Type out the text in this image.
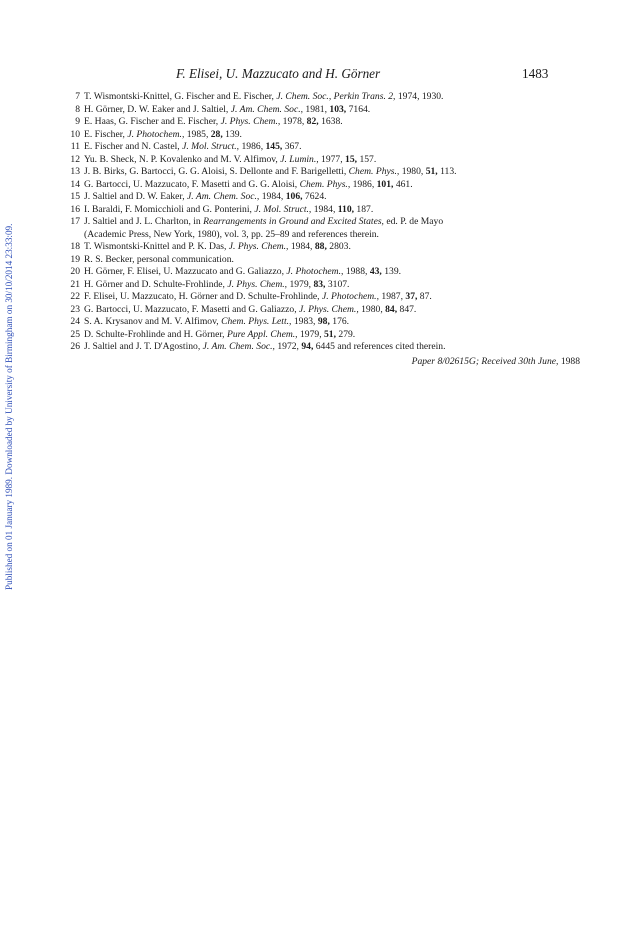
Published on 01 January 1989. Downloaded by University of Birmingham on 30/10/2014 23:33:09.
F. Elisei, U. Mazzucato and H. Görner	1483
7 T. Wismontski-Knittel, G. Fischer and E. Fischer, J. Chem. Soc., Perkin Trans. 2, 1974, 1930.
8 H. Görner, D. W. Eaker and J. Saltiel, J. Am. Chem. Soc., 1981, 103, 7164.
9 E. Haas, G. Fischer and E. Fischer, J. Phys. Chem., 1978, 82, 1638.
10 E. Fischer, J. Photochem., 1985, 28, 139.
11 E. Fischer and N. Castel, J. Mol. Struct., 1986, 145, 367.
12 Yu. B. Sheck, N. P. Kovalenko and M. V. Alfimov, J. Lumin., 1977, 15, 157.
13 J. B. Birks, G. Bartocci, G. G. Aloisi, S. Dellonte and F. Barigelletti, Chem. Phys., 1980, 51, 113.
14 G. Bartocci, U. Mazzucato, F. Masetti and G. G. Aloisi, Chem. Phys., 1986, 101, 461.
15 J. Saltiel and D. W. Eaker, J. Am. Chem. Soc., 1984, 106, 7624.
16 I. Baraldi, F. Momicchioli and G. Ponterini, J. Mol. Struct., 1984, 110, 187.
17 J. Saltiel and J. L. Charlton, in Rearrangements in Ground and Excited States, ed. P. de Mayo
(Academic Press, New York, 1980), vol. 3, pp. 25–89 and references therein.
18 T. Wismontski-Knittel and P. K. Das, J. Phys. Chem., 1984, 88, 2803.
19 R. S. Becker, personal communication.
20 H. Görner, F. Elisei, U. Mazzucato and G. Galiazzo, J. Photochem., 1988, 43, 139.
21 H. Görner and D. Schulte-Frohlinde, J. Phys. Chem., 1979, 83, 3107.
22 F. Elisei, U. Mazzucato, H. Görner and D. Schulte-Frohlinde, J. Photochem., 1987, 37, 87.
23 G. Bartocci, U. Mazzucato, F. Masetti and G. Galiazzo, J. Phys. Chem., 1980, 84, 847.
24 S. A. Krysanov and M. V. Alfimov, Chem. Phys. Lett., 1983, 98, 176.
25 D. Schulte-Frohlinde and H. Görner, Pure Appl. Chem., 1979, 51, 279.
26 J. Saltiel and J. T. D'Agostino, J. Am. Chem. Soc., 1972, 94, 6445 and references cited therein.
Paper 8/02615G; Received 30th June, 1988
